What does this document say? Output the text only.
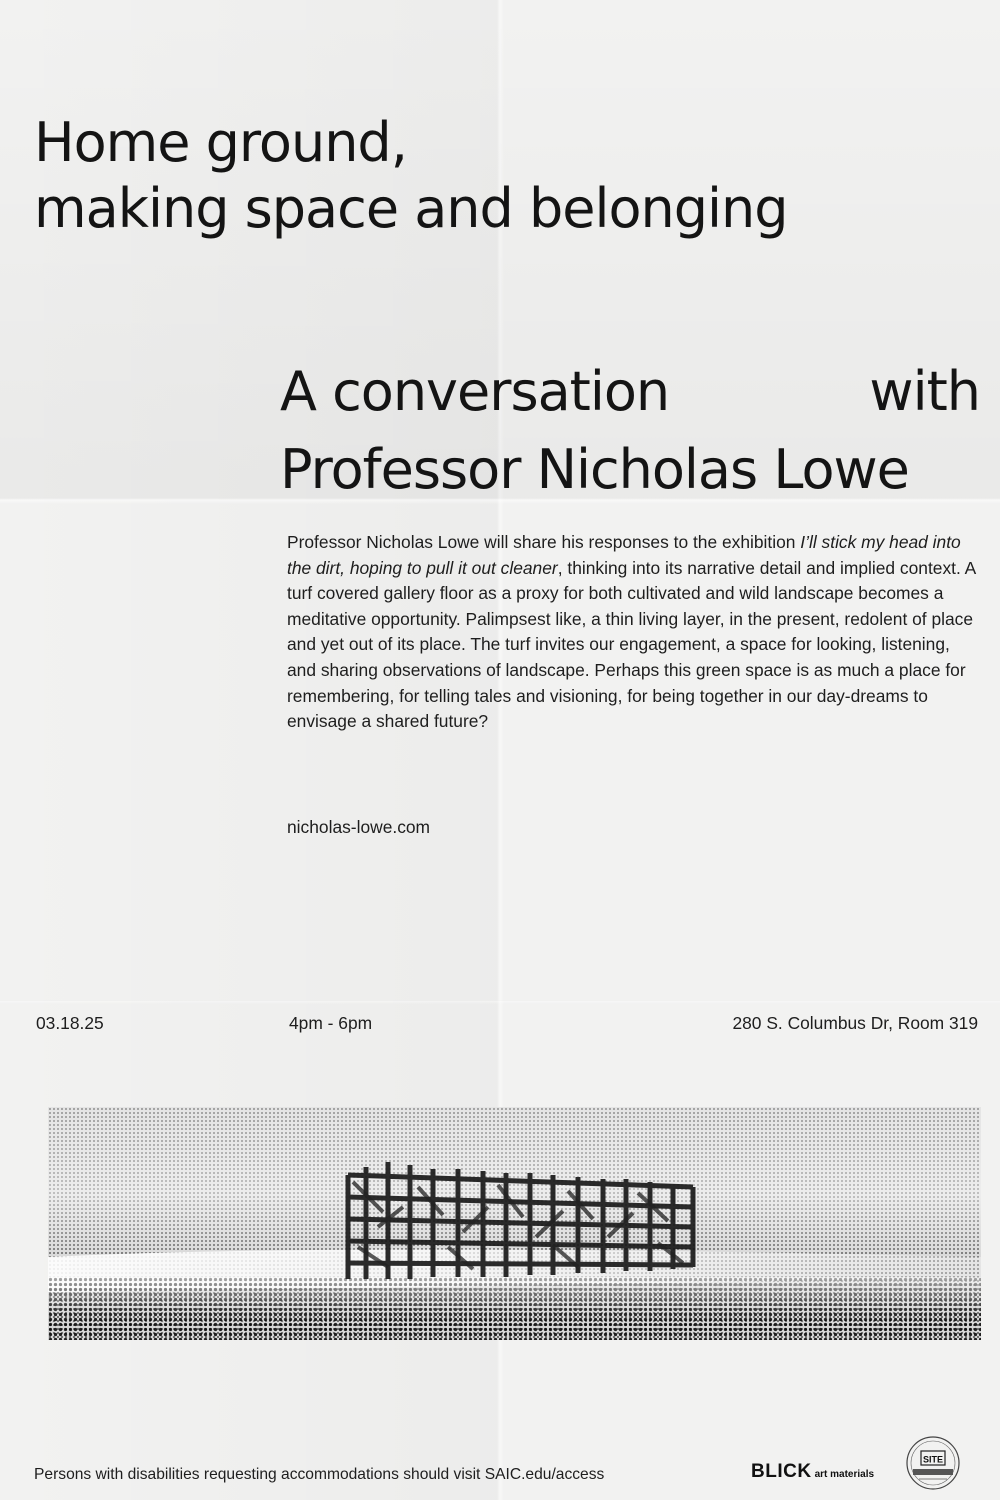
Home ground,
making space and belonging
A conversation	with
Professor Nicholas Lowe
Professor Nicholas Lowe will share his responses to the exhibition I’ll stick my head into the dirt, hoping to pull it out cleaner, thinking into its narrative detail and implied context. A turf covered gallery floor as a proxy for both cultivated and wild landscape becomes a meditative opportunity. Palimpsest like, a thin living layer, in the present, redolent of place and yet out of its place. The turf invites our engagement, a space for looking, listening, and sharing observations of landscape. Perhaps this green space is as much a place for remembering, for telling tales and visioning, for being together in our day-dreams to envisage a shared future?
nicholas-lowe.com
03.18.25	4pm - 6pm	280 S. Columbus Dr, Room 319
Persons with disabilities requesting accommodations should visit SAIC.edu/access	BLICK art materials
SITE
